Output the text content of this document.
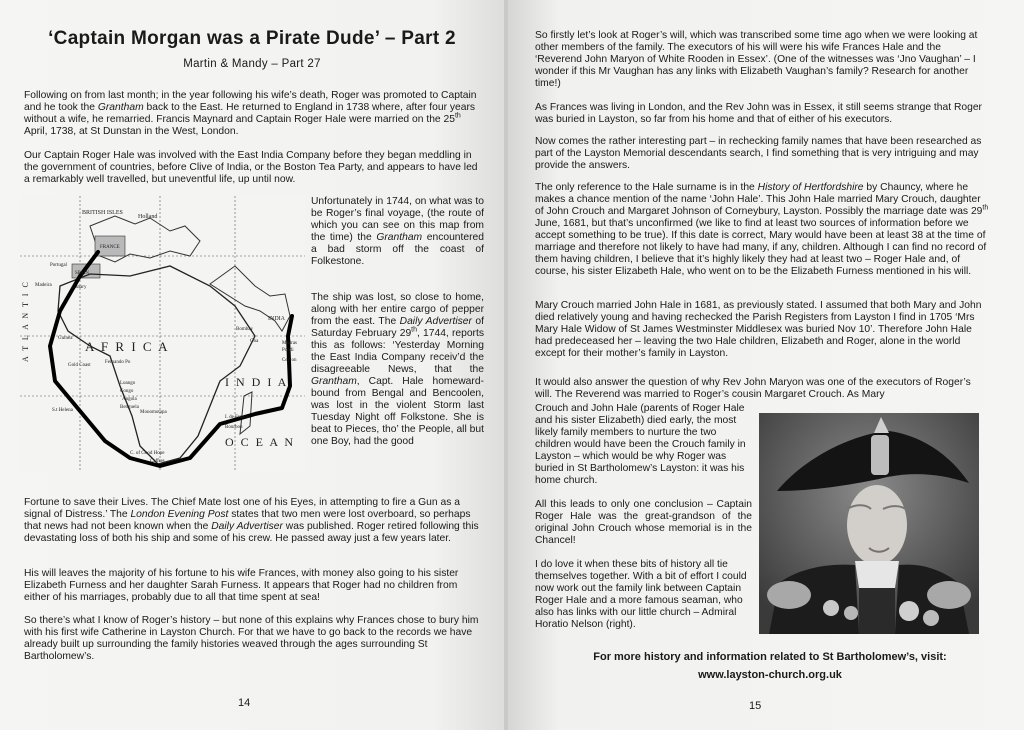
‘Captain Morgan was a Pirate Dude’ – Part 2
Martin & Mandy – Part 27

Following on from last month; in the year following his wife’s death, Roger was promoted to Captain and he took the Grantham back to the East. He returned to England in 1738 where, after four years without a wife, he remarried. Francis Maynard and Captain Roger Hale were married on the 25th April, 1738, at St Dunstan in the West, London.

Our Captain Roger Hale was involved with the East India Company before they began meddling in the government of countries, before Clive of India, or the Boston Tea Party, and appears to have led a remarkably well travelled, but uneventful life, up until now.

BRITISH ISLES
Holland
FRANCE
SPAIN
Portugal
Madeira	Canary
A F R I C A
Guinea
Gold Coast
Fernando Po
Loango
Congo
Angola
Benguela
Monomotapa
S.t Helena
C. of Good Hope
Caffres
INDIA
Bombay
Goa	Madras
Pondi
Ceylon
I N D I A
O C E A N
I. de France
Bourbon
A T L A N T I C

Unfortunately in 1744, on what was to be Roger’s final voyage, (the route of which you can see on this map from the time) the Grantham encountered a bad storm off the coast of Folkestone.

The ship was lost, so close to home, along with her entire cargo of pepper from the east. The Daily Advertiser of Saturday February 29th, 1744, reports this as follows: ‘Yesterday Morning the East India Company receiv’d the disagreeable News, that the Grantham, Capt. Hale homeward-bound from Bengal and Bencoolen, was lost in the violent Storm last Tuesday Night off Folkstone. She is beat to Pieces, tho’ the People, all but one Boy, had the good

Fortune to save their Lives. The Chief Mate lost one of his Eyes, in attempting to fire a Gun as a signal of Distress.’ The London Evening Post states that two men were lost overboard, so perhaps that news had not been known when the Daily Advertiser was published. Roger retired following this devastating loss of both his ship and some of his crew. He passed away just a few years later.

His will leaves the majority of his fortune to his wife Frances, with money also going to his sister Elizabeth Furness and her daughter Sarah Furness. It appears that Roger had no children from either of his marriages, probably due to all that time spent at sea!

So there’s what I know of Roger’s history – but none of this explains why Frances chose to bury him with his first wife Catherine in Layston Church. For that we have to go back to the records we have already built up surrounding the family histories weaved through the ages surrounding St Bartholomew’s.

14

So firstly let’s look at Roger’s will, which was transcribed some time ago when we were looking at other members of the family. The executors of his will were his wife Frances Hale and the ‘Reverend John Maryon of White Rooden in Essex’. (One of the witnesses was ‘Jno Vaughan’ – I wonder if this Mr Vaughan has any links with Elizabeth Vaughan’s family? Research for another time!)

As Frances was living in London, and the Rev John was in Essex, it still seems strange that Roger was buried in Layston, so far from his home and that of either of his executors.

Now comes the rather interesting part – in rechecking family names that have been researched as part of the Layston Memorial descendants search, I find something that is very intriguing and may provide the answers.

The only reference to the Hale surname is in the History of Hertfordshire by Chauncy, where he makes a chance mention of the name ‘John Hale’. This John Hale married Mary Crouch, daughter of John Crouch and Margaret Johnson of Corneybury, Layston. Possibly the marriage date was 29th June, 1681, but that’s unconfirmed (we like to find at least two sources of information before we accept something to be true). If this date is correct, Mary would have been at least 38 at the time of marriage and therefore not likely to have had many, if any, children. Although I can find no record of them having children, I believe that it’s highly likely they had at least two – Roger Hale and, of course, his sister Elizabeth Hale, who went on to be the Elizabeth Furness mentioned in his will.

Mary Crouch married John Hale in 1681, as previously stated. I assumed that both Mary and John died relatively young and having rechecked the Parish Registers from Layston I find in 1705 ‘Mrs Mary Hale Widow of St James Westminster Middlesex was buried Nov 10’. Therefore John Hale had predeceased her – leaving the two Hale children, Elizabeth and Roger, alone in the world except for their mother’s family in Layston.

It would also answer the question of why Rev John Maryon was one of the executors of Roger’s will. The Reverend was married to Roger’s cousin Margaret Crouch. As Mary

Crouch and John Hale (parents of Roger Hale and his sister Elizabeth) died early, the most likely family members to nurture the two children would have been the Crouch family in Layston – which would be why Roger was buried in St Bartholomew’s Layston: it was his home church.

All this leads to only one conclusion – Captain Roger Hale was the great-grandson of the original John Crouch whose memorial is in the Chancel!

I do love it when these bits of history all tie themselves together. With a bit of effort I could now work out the family link between Captain Roger Hale and a more famous seaman, who also has links with our little church – Admiral Horatio Nelson (right).

15
For more history and information related to St Bartholomew’s, visit:
www.layston-church.org.uk
